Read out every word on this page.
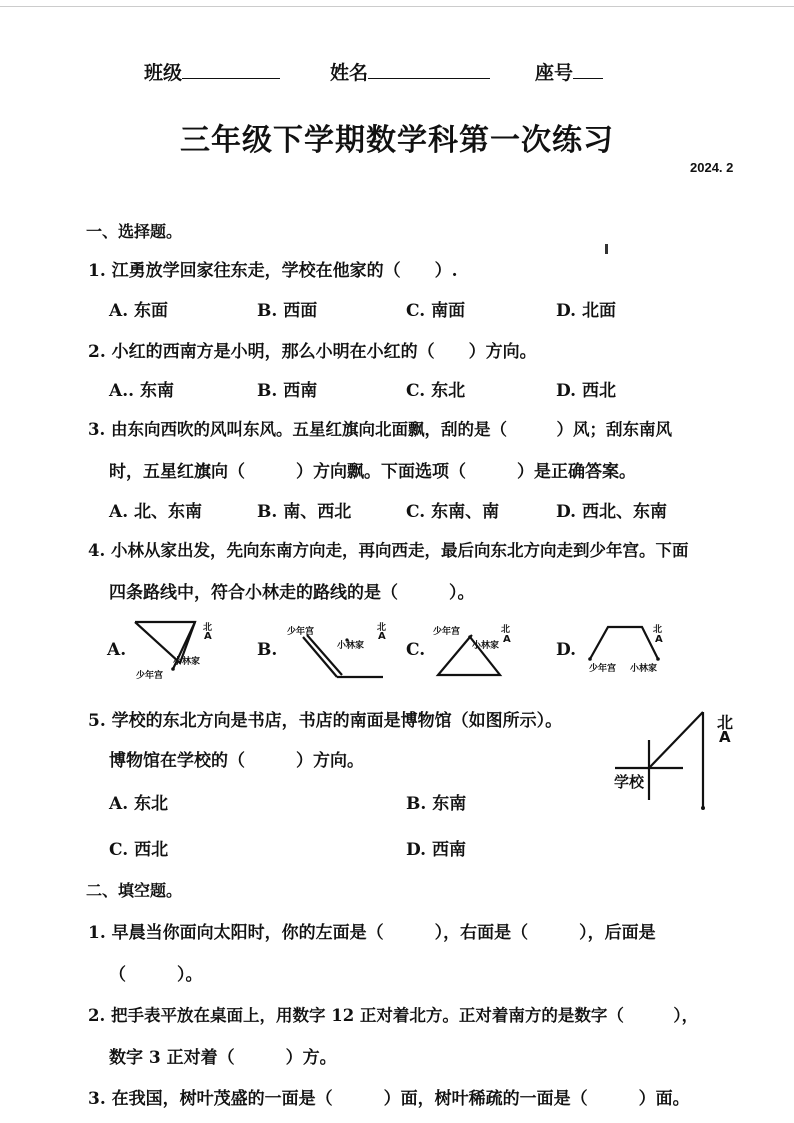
班级	姓名	座号
三年级下学期数学科第一次练习
2024. 2
一、选择题。
1. 江勇放学回家往东走，学校在他家的（　　）.
A. 东面	B. 西面	C. 南面	D. 北面
2. 小红的西南方是小明，那么小明在小红的（　　）方向。
A.. 东南	B. 西南	C. 东北	D. 西北
3. 由东向西吹的风叫东风。五星红旗向北面飘，刮的是（　　　）风；刮东南风
时，五星红旗向（　　　）方向飘。下面选项（　　　）是正确答案。
A. 北、东南	B. 南、西北	C. 东南、南	D. 西北、东南
4. 小林从家出发，先向东南方向走，再向西走，最后向东北方向走到少年宫。下面
四条路线中，符合小林走的路线的是（　　　）。
A.
北
A
小林家
少年宫
B.
少年宫
小林家
北
A
C.
少年宫
小林家
北
A
D.
少年宫 小林家
北
A
5. 学校的东北方向是书店，书店的南面是博物馆（如图所示）。
博物馆在学校的（　　　）方向。
A. 东北	B. 东南
C. 西北	D. 西南
北
A
学校
二、填空题。
1. 早晨当你面向太阳时，你的左面是（　　　），右面是（　　　），后面是
（　　　）。
2. 把手表平放在桌面上，用数字 12 正对着北方。正对着南方的是数字（　　　），
数字 3 正对着（　　　）方。
3. 在我国，树叶茂盛的一面是（　　　）面，树叶稀疏的一面是（　　　）面。
